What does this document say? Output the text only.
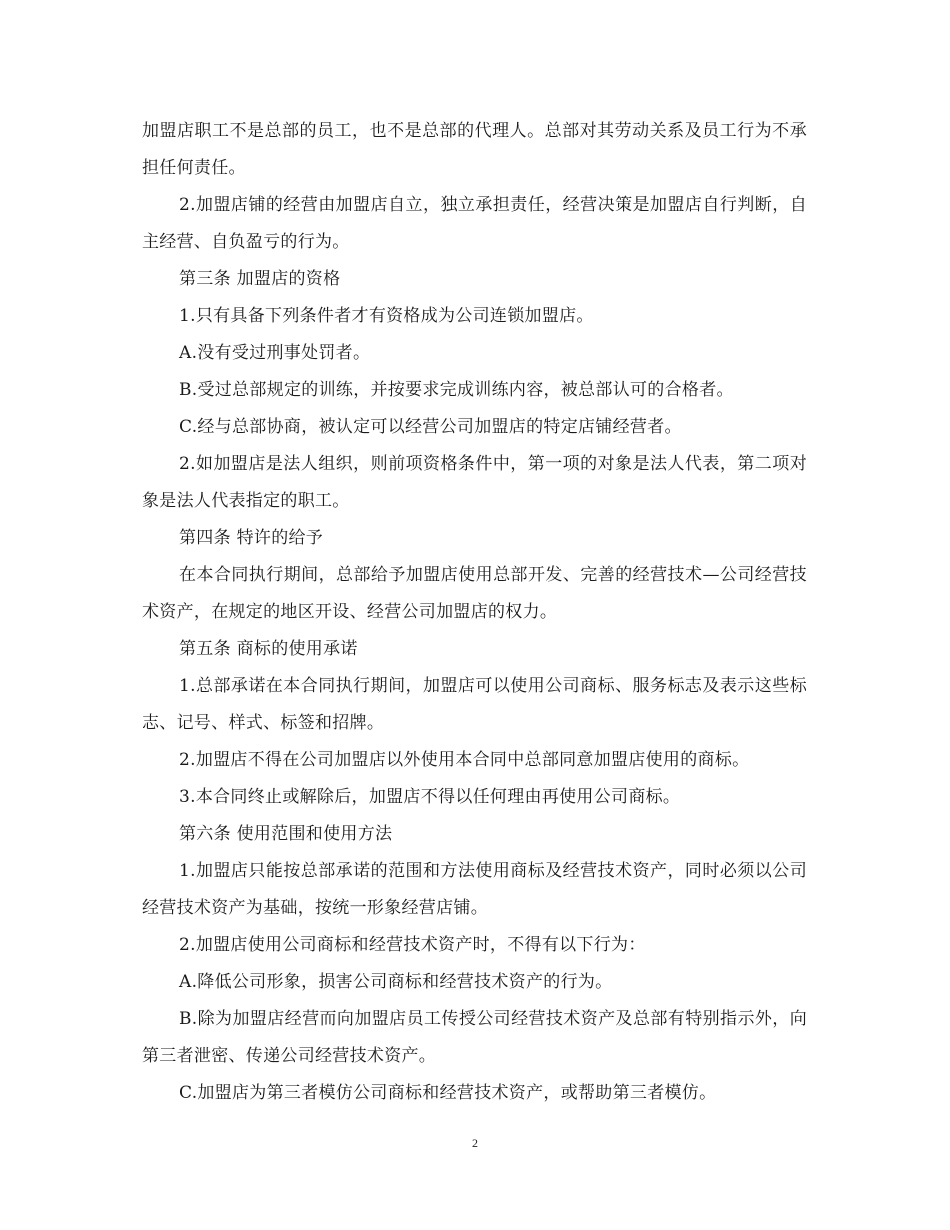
加盟店职工不是总部的员工，也不是总部的代理人。总部对其劳动关系及员工行为不承担任何责任。

2.加盟店铺的经营由加盟店自立，独立承担责任，经营决策是加盟店自行判断，自主经营、自负盈亏的行为。

第三条 加盟店的资格

1.只有具备下列条件者才有资格成为公司连锁加盟店。

A.没有受过刑事处罚者。

B.受过总部规定的训练，并按要求完成训练内容，被总部认可的合格者。

C.经与总部协商，被认定可以经营公司加盟店的特定店铺经营者。

2.如加盟店是法人组织，则前项资格条件中，第一项的对象是法人代表，第二项对象是法人代表指定的职工。

第四条 特许的给予

在本合同执行期间，总部给予加盟店使用总部开发、完善的经营技术—公司经营技术资产，在规定的地区开设、经营公司加盟店的权力。

第五条 商标的使用承诺

1.总部承诺在本合同执行期间，加盟店可以使用公司商标、服务标志及表示这些标志、记号、样式、标签和招牌。

2.加盟店不得在公司加盟店以外使用本合同中总部同意加盟店使用的商标。

3.本合同终止或解除后，加盟店不得以任何理由再使用公司商标。

第六条 使用范围和使用方法

1.加盟店只能按总部承诺的范围和方法使用商标及经营技术资产，同时必须以公司经营技术资产为基础，按统一形象经营店铺。

2.加盟店使用公司商标和经营技术资产时，不得有以下行为：

A.降低公司形象，损害公司商标和经营技术资产的行为。

B.除为加盟店经营而向加盟店员工传授公司经营技术资产及总部有特别指示外，向第三者泄密、传递公司经营技术资产。

C.加盟店为第三者模仿公司商标和经营技术资产，或帮助第三者模仿。

2
